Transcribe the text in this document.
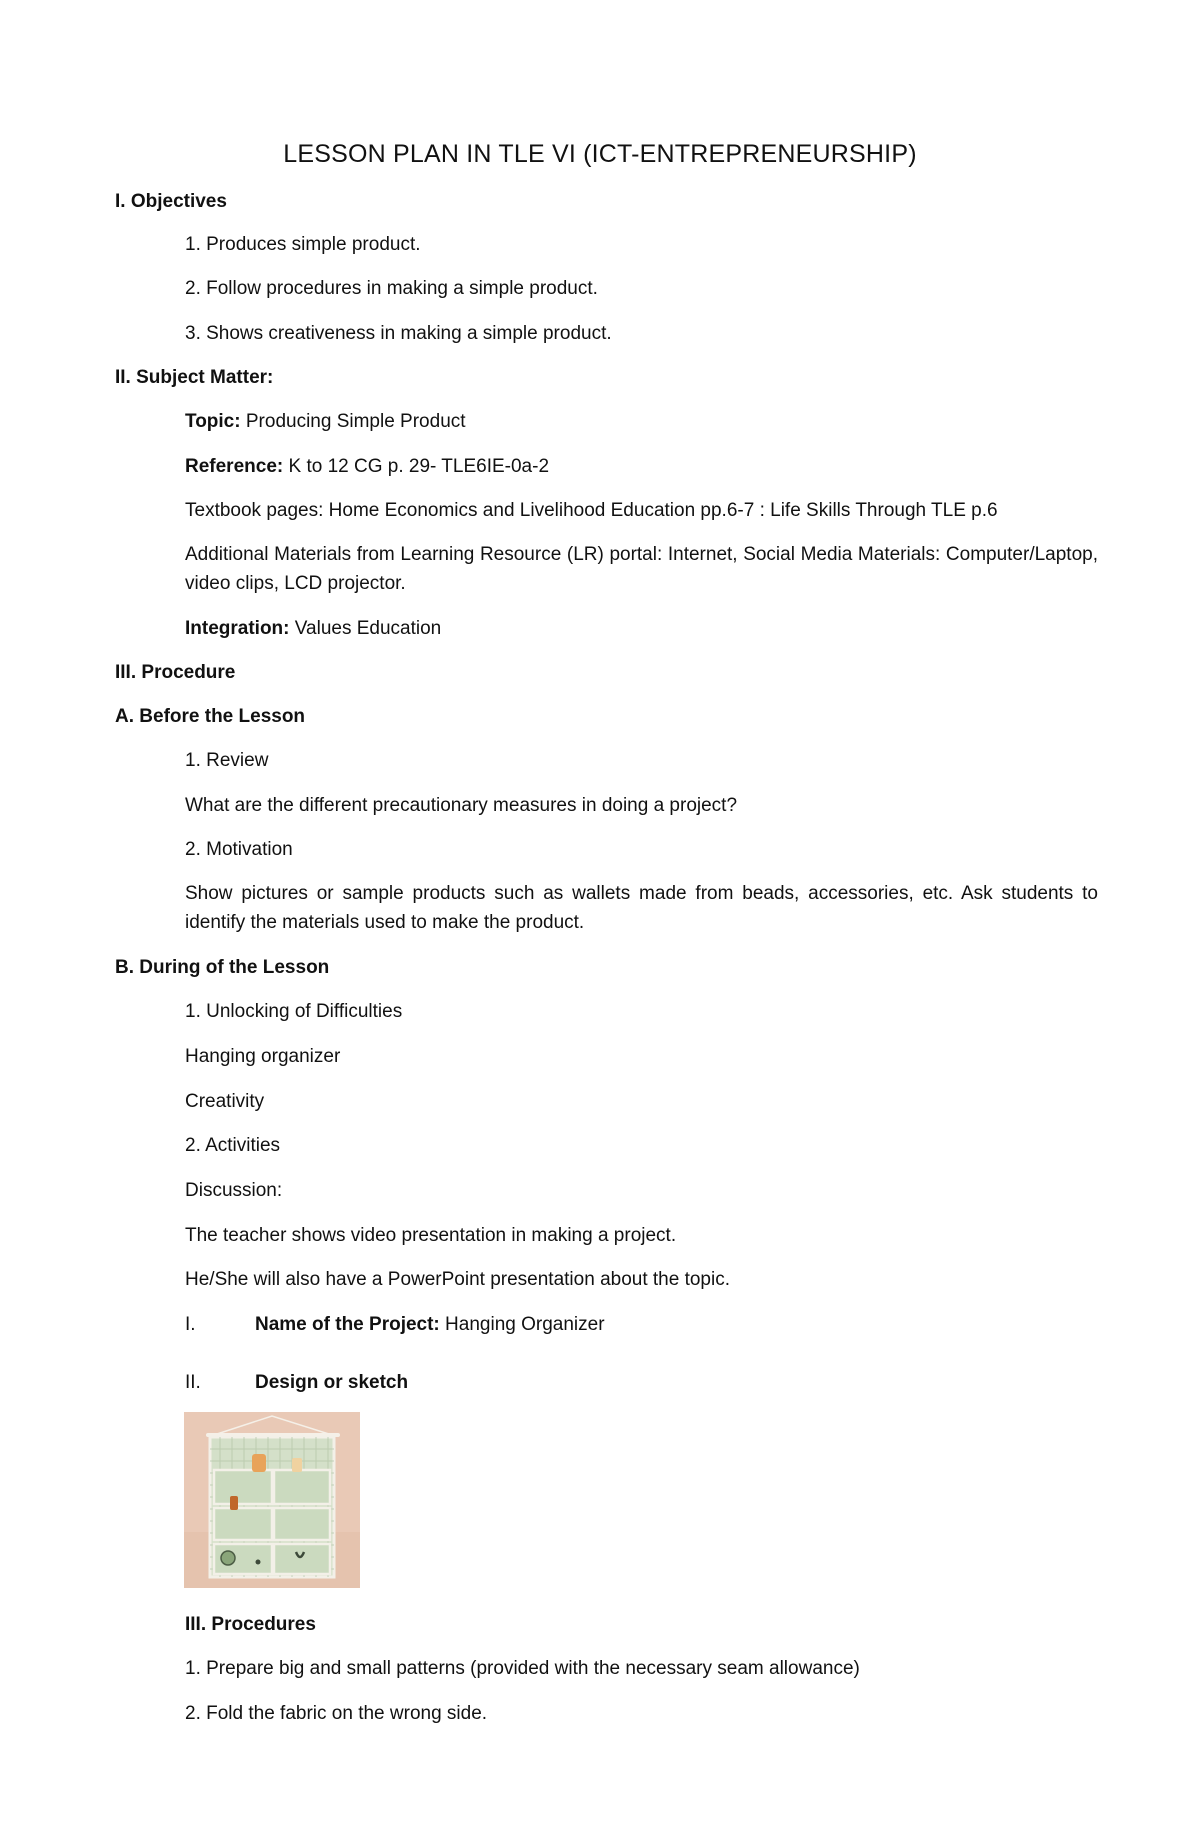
LESSON PLAN IN TLE VI (ICT-ENTREPRENEURSHIP)
I. Objectives
1. Produces simple product.
2. Follow procedures in making a simple product.
3. Shows creativeness in making a simple product.
II. Subject Matter:
Topic: Producing Simple Product
Reference: K to 12 CG p. 29- TLE6IE-0a-2
Textbook pages: Home Economics and Livelihood Education pp.6-7 : Life Skills Through TLE p.6
Additional Materials from Learning Resource (LR) portal: Internet, Social Media Materials: Computer/Laptop, video clips, LCD projector.
Integration: Values Education
III. Procedure
A. Before the Lesson
1. Review
What are the different precautionary measures in doing a project?
2. Motivation
Show pictures or sample products such as wallets made from beads, accessories, etc. Ask students to identify the materials used to make the product.
B. During of the Lesson
1. Unlocking of Difficulties
Hanging organizer
Creativity
2. Activities
Discussion:
The teacher shows video presentation in making a project.
He/She will also have a PowerPoint presentation about the topic.
I.	Name of the Project: Hanging Organizer
II.	Design or sketch
III. Procedures
1. Prepare big and small patterns (provided with the necessary seam allowance)
2. Fold the fabric on the wrong side.
